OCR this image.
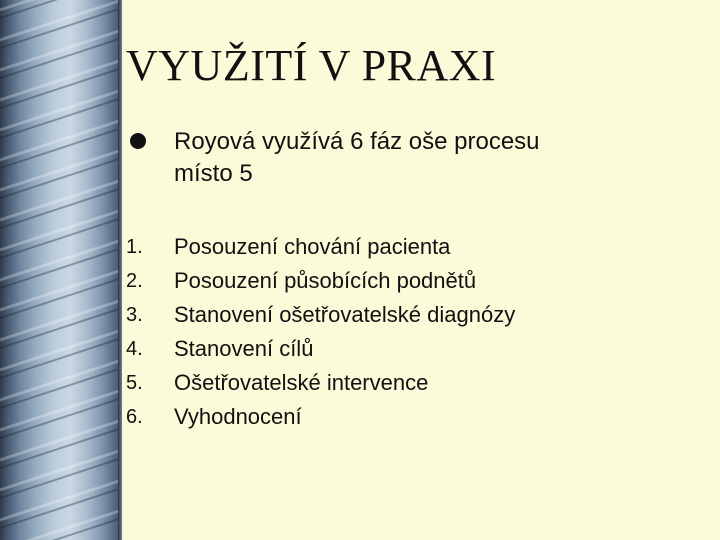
VYUŽITÍ V PRAXI
Royová využívá 6 fáz oše procesu
místo 5
1. Posouzení chování pacienta
2. Posouzení působících podnětů
3. Stanovení ošetřovatelské diagnózy
4. Stanovení cílů
5. Ošetřovatelské intervence
6. Vyhodnocení
